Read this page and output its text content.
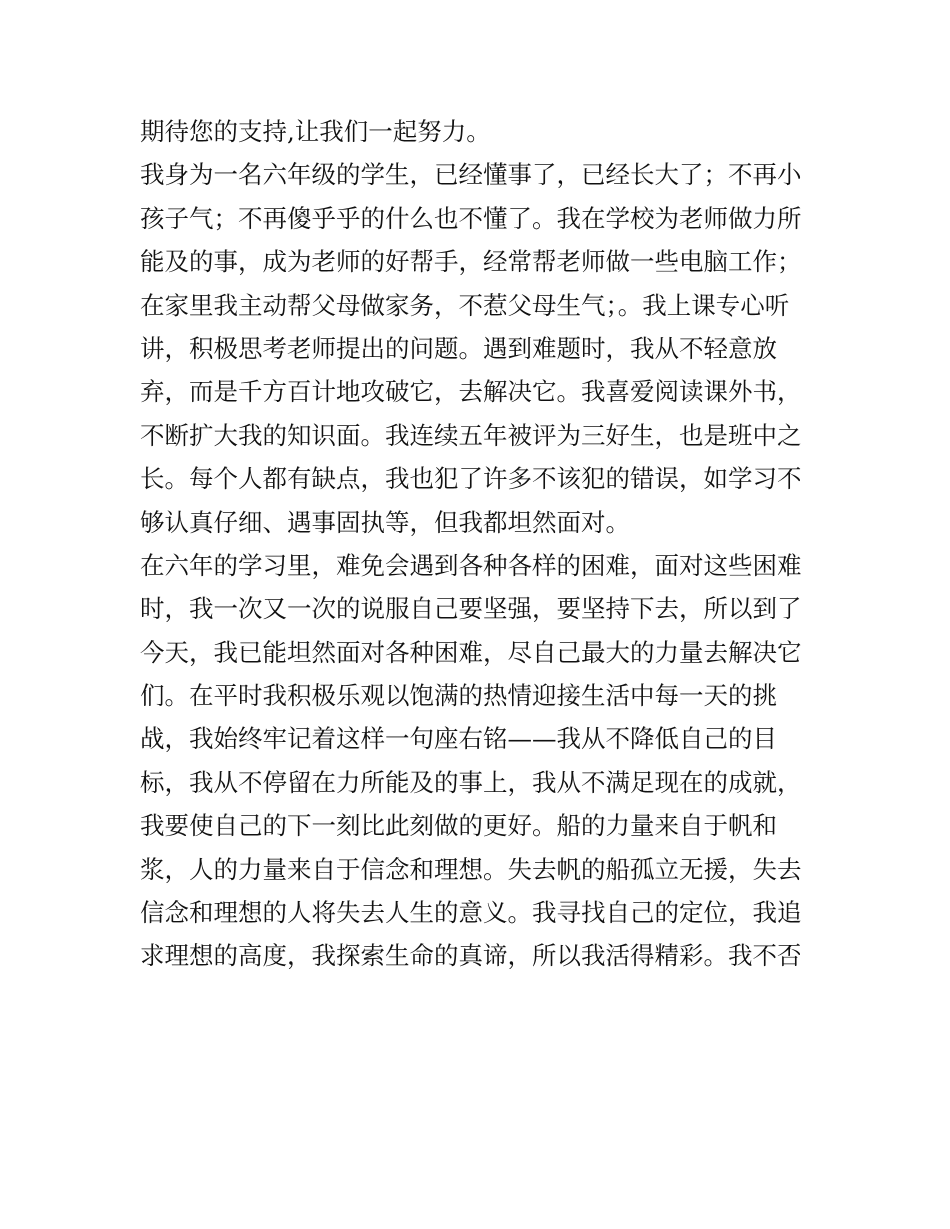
期待您的支持,让我们一起努力。
我身为一名六年级的学生，已经懂事了，已经长大了；不再小
孩子气；不再傻乎乎的什么也不懂了。我在学校为老师做力所
能及的事，成为老师的好帮手，经常帮老师做一些电脑工作；
在家里我主动帮父母做家务，不惹父母生气；。我上课专心听
讲，积极思考老师提出的问题。遇到难题时，我从不轻意放
弃，而是千方百计地攻破它，去解决它。我喜爱阅读课外书，
不断扩大我的知识面。我连续五年被评为三好生，也是班中之
长。每个人都有缺点，我也犯了许多不该犯的错误，如学习不
够认真仔细、遇事固执等，但我都坦然面对。
在六年的学习里，难免会遇到各种各样的困难，面对这些困难
时，我一次又一次的说服自己要坚强，要坚持下去，所以到了
今天，我已能坦然面对各种困难，尽自己最大的力量去解决它
们。在平时我积极乐观以饱满的热情迎接生活中每一天的挑
战，我始终牢记着这样一句座右铭——我从不降低自己的目
标，我从不停留在力所能及的事上，我从不满足现在的成就，
我要使自己的下一刻比此刻做的更好。船的力量来自于帆和
浆，人的力量来自于信念和理想。失去帆的船孤立无援，失去
信念和理想的人将失去人生的意义。我寻找自己的定位，我追
求理想的高度，我探索生命的真谛，所以我活得精彩。我不否
